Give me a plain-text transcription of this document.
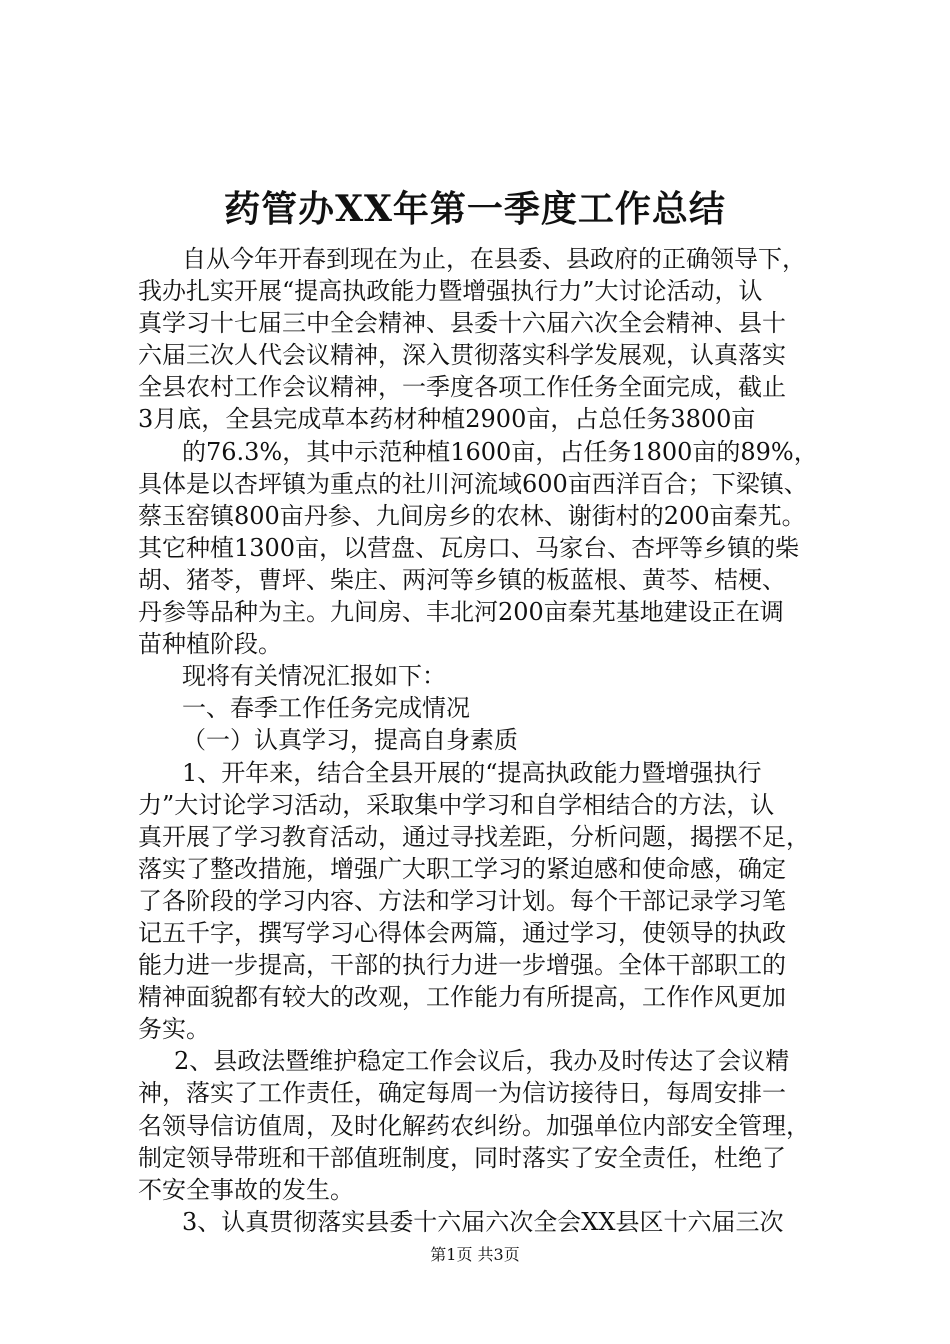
药管办XX年第一季度工作总结
自从今年开春到现在为止，在县委、县政府的正确领导下，
我办扎实开展“提高执政能力暨增强执行力”大讨论活动，认
真学习十七届三中全会精神、县委十六届六次全会精神、县十
六届三次人代会议精神，深入贯彻落实科学发展观，认真落实
全县农村工作会议精神，一季度各项工作任务全面完成，截止
3月底，全县完成草本药材种植2900亩，占总任务3800亩
的76.3%，其中示范种植1600亩，占任务1800亩的89%，
具体是以杏坪镇为重点的社川河流域600亩西洋百合；下梁镇、
蔡玉窑镇800亩丹参、九间房乡的农林、谢街村的200亩秦艽。
其它种植1300亩，以营盘、瓦房口、马家台、杏坪等乡镇的柴
胡、猪苓，曹坪、柴庄、两河等乡镇的板蓝根、黄芩、桔梗、
丹参等品种为主。九间房、丰北河200亩秦艽基地建设正在调
苗种植阶段。
现将有关情况汇报如下：
一、春季工作任务完成情况
（一）认真学习，提高自身素质
1、开年来，结合全县开展的“提高执政能力暨增强执行
力”大讨论学习活动，采取集中学习和自学相结合的方法，认
真开展了学习教育活动，通过寻找差距，分析问题，揭摆不足，
落实了整改措施，增强广大职工学习的紧迫感和使命感，确定
了各阶段的学习内容、方法和学习计划。每个干部记录学习笔
记五千字，撰写学习心得体会两篇，通过学习，使领导的执政
能力进一步提高，干部的执行力进一步增强。全体干部职工的
精神面貌都有较大的改观，工作能力有所提高，工作作风更加
务实。
2、县政法暨维护稳定工作会议后，我办及时传达了会议精
神，落实了工作责任，确定每周一为信访接待日，每周安排一
名领导信访值周，及时化解药农纠纷。加强单位内部安全管理，
制定领导带班和干部值班制度，同时落实了安全责任，杜绝了
不安全事故的发生。
3、认真贯彻落实县委十六届六次全会XX县区十六届三次
第1页 共3页
